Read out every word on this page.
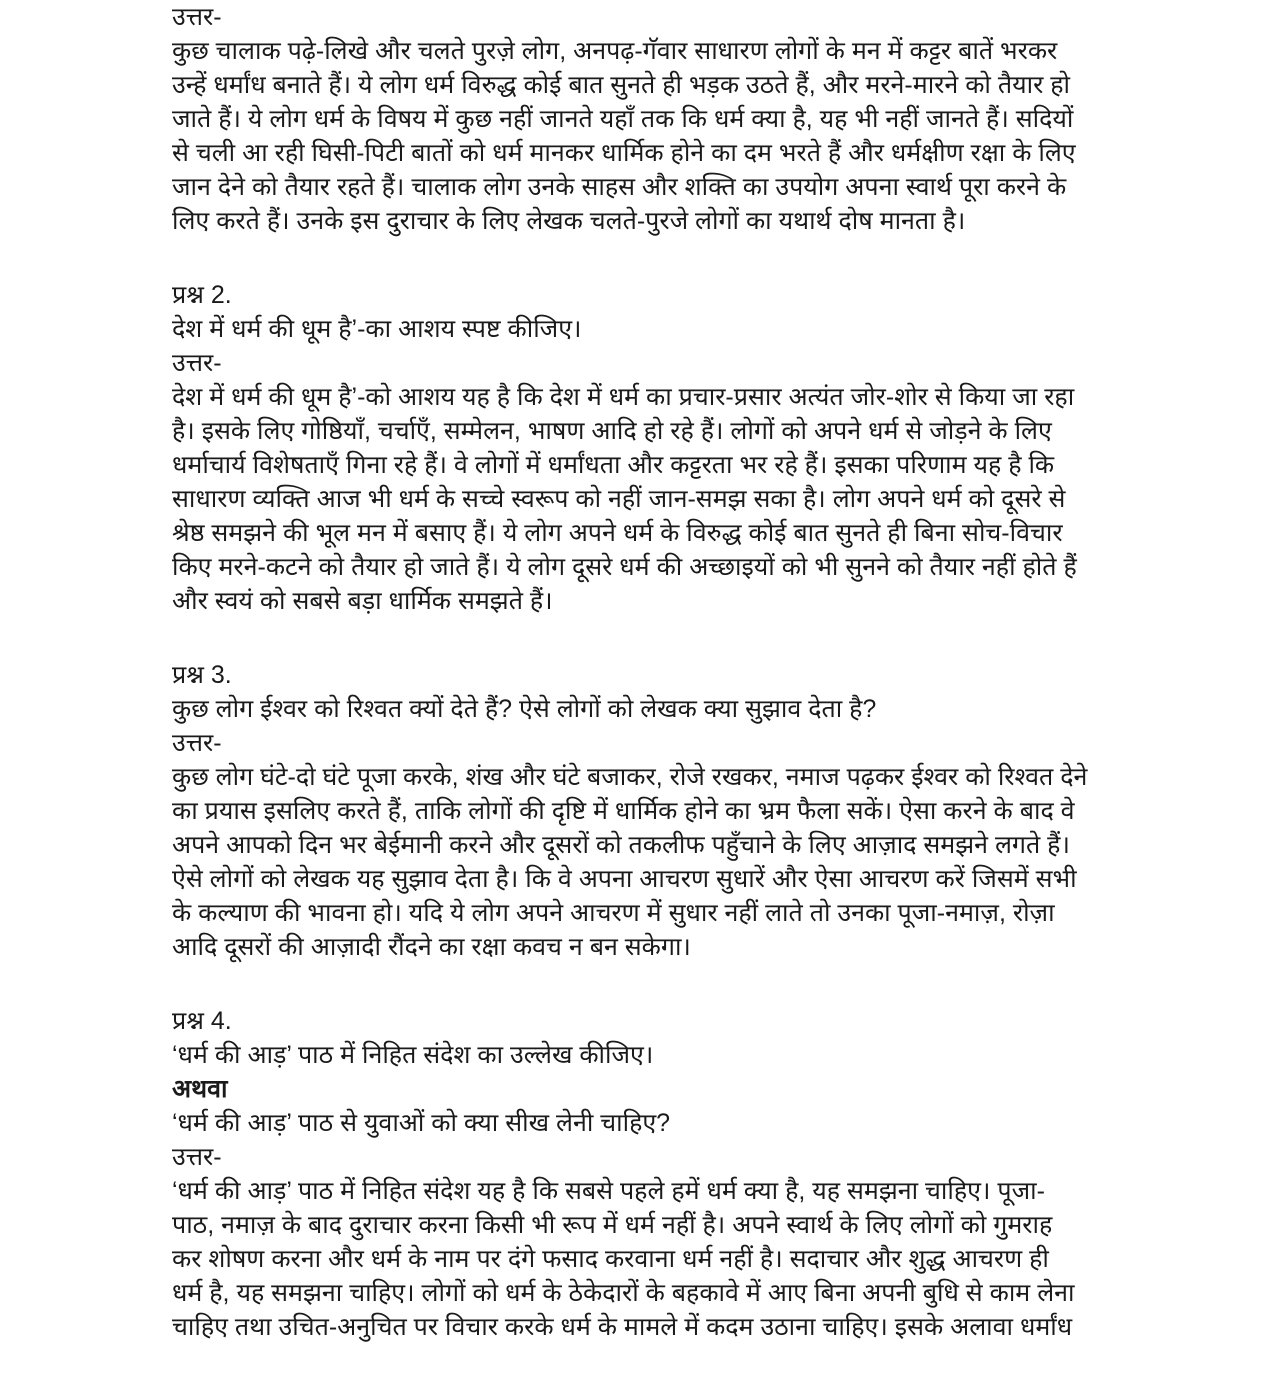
उत्तर-
कुछ चालाक पढ़े-लिखे और चलते पुरज़े लोग, अनपढ़-गॅवार साधारण लोगों के मन में कट्टर बातें भरकर
उन्हें धर्मांध बनाते हैं। ये लोग धर्म विरुद्ध कोई बात सुनते ही भड़क उठते हैं, और मरने-मारने को तैयार हो
जाते हैं। ये लोग धर्म के विषय में कुछ नहीं जानते यहाँ तक कि धर्म क्या है, यह भी नहीं जानते हैं। सदियों
से चली आ रही घिसी-पिटी बातों को धर्म मानकर धार्मिक होने का दम भरते हैं और धर्मक्षीण रक्षा के लिए
जान देने को तैयार रहते हैं। चालाक लोग उनके साहस और शक्ति का उपयोग अपना स्वार्थ पूरा करने के
लिए करते हैं। उनके इस दुराचार के लिए लेखक चलते-पुरजे लोगों का यथार्थ दोष मानता है।
प्रश्न 2.
देश में धर्म की धूम है’-का आशय स्पष्ट कीजिए।
उत्तर-
देश में धर्म की धूम है’-को आशय यह है कि देश में धर्म का प्रचार-प्रसार अत्यंत जोर-शोर से किया जा रहा
है। इसके लिए गोष्ठियाँ, चर्चाएँ, सम्मेलन, भाषण आदि हो रहे हैं। लोगों को अपने धर्म से जोड़ने के लिए
धर्माचार्य विशेषताएँ गिना रहे हैं। वे लोगों में धर्मांधता और कट्टरता भर रहे हैं। इसका परिणाम यह है कि
साधारण व्यक्ति आज भी धर्म के सच्चे स्वरूप को नहीं जान-समझ सका है। लोग अपने धर्म को दूसरे से
श्रेष्ठ समझने की भूल मन में बसाए हैं। ये लोग अपने धर्म के विरुद्ध कोई बात सुनते ही बिना सोच-विचार
किए मरने-कटने को तैयार हो जाते हैं। ये लोग दूसरे धर्म की अच्छाइयों को भी सुनने को तैयार नहीं होते हैं
और स्वयं को सबसे बड़ा धार्मिक समझते हैं।
प्रश्न 3.
कुछ लोग ईश्वर को रिश्वत क्यों देते हैं? ऐसे लोगों को लेखक क्या सुझाव देता है?
उत्तर-
कुछ लोग घंटे-दो घंटे पूजा करके, शंख और घंटे बजाकर, रोजे रखकर, नमाज पढ़कर ईश्वर को रिश्वत देने
का प्रयास इसलिए करते हैं, ताकि लोगों की दृष्टि में धार्मिक होने का भ्रम फैला सकें। ऐसा करने के बाद वे
अपने आपको दिन भर बेईमानी करने और दूसरों को तकलीफ पहुँचाने के लिए आज़ाद समझने लगते हैं।
ऐसे लोगों को लेखक यह सुझाव देता है। कि वे अपना आचरण सुधारें और ऐसा आचरण करें जिसमें सभी
के कल्याण की भावना हो। यदि ये लोग अपने आचरण में सुधार नहीं लाते तो उनका पूजा-नमाज़, रोज़ा
आदि दूसरों की आज़ादी रौंदने का रक्षा कवच न बन सकेगा।
प्रश्न 4.
‘धर्म की आड़’ पाठ में निहित संदेश का उल्लेख कीजिए।
अथवा
‘धर्म की आड़’ पाठ से युवाओं को क्या सीख लेनी चाहिए?
उत्तर-
‘धर्म की आड़’ पाठ में निहित संदेश यह है कि सबसे पहले हमें धर्म क्या है, यह समझना चाहिए। पूजा-
पाठ, नमाज़ के बाद दुराचार करना किसी भी रूप में धर्म नहीं है। अपने स्वार्थ के लिए लोगों को गुमराह
कर शोषण करना और धर्म के नाम पर दंगे फसाद करवाना धर्म नहीं है। सदाचार और शुद्ध आचरण ही
धर्म है, यह समझना चाहिए। लोगों को धर्म के ठेकेदारों के बहकावे में आए बिना अपनी बुधि से काम लेना
चाहिए तथा उचित-अनुचित पर विचार करके धर्म के मामले में कदम उठाना चाहिए। इसके अलावा धर्मांध
